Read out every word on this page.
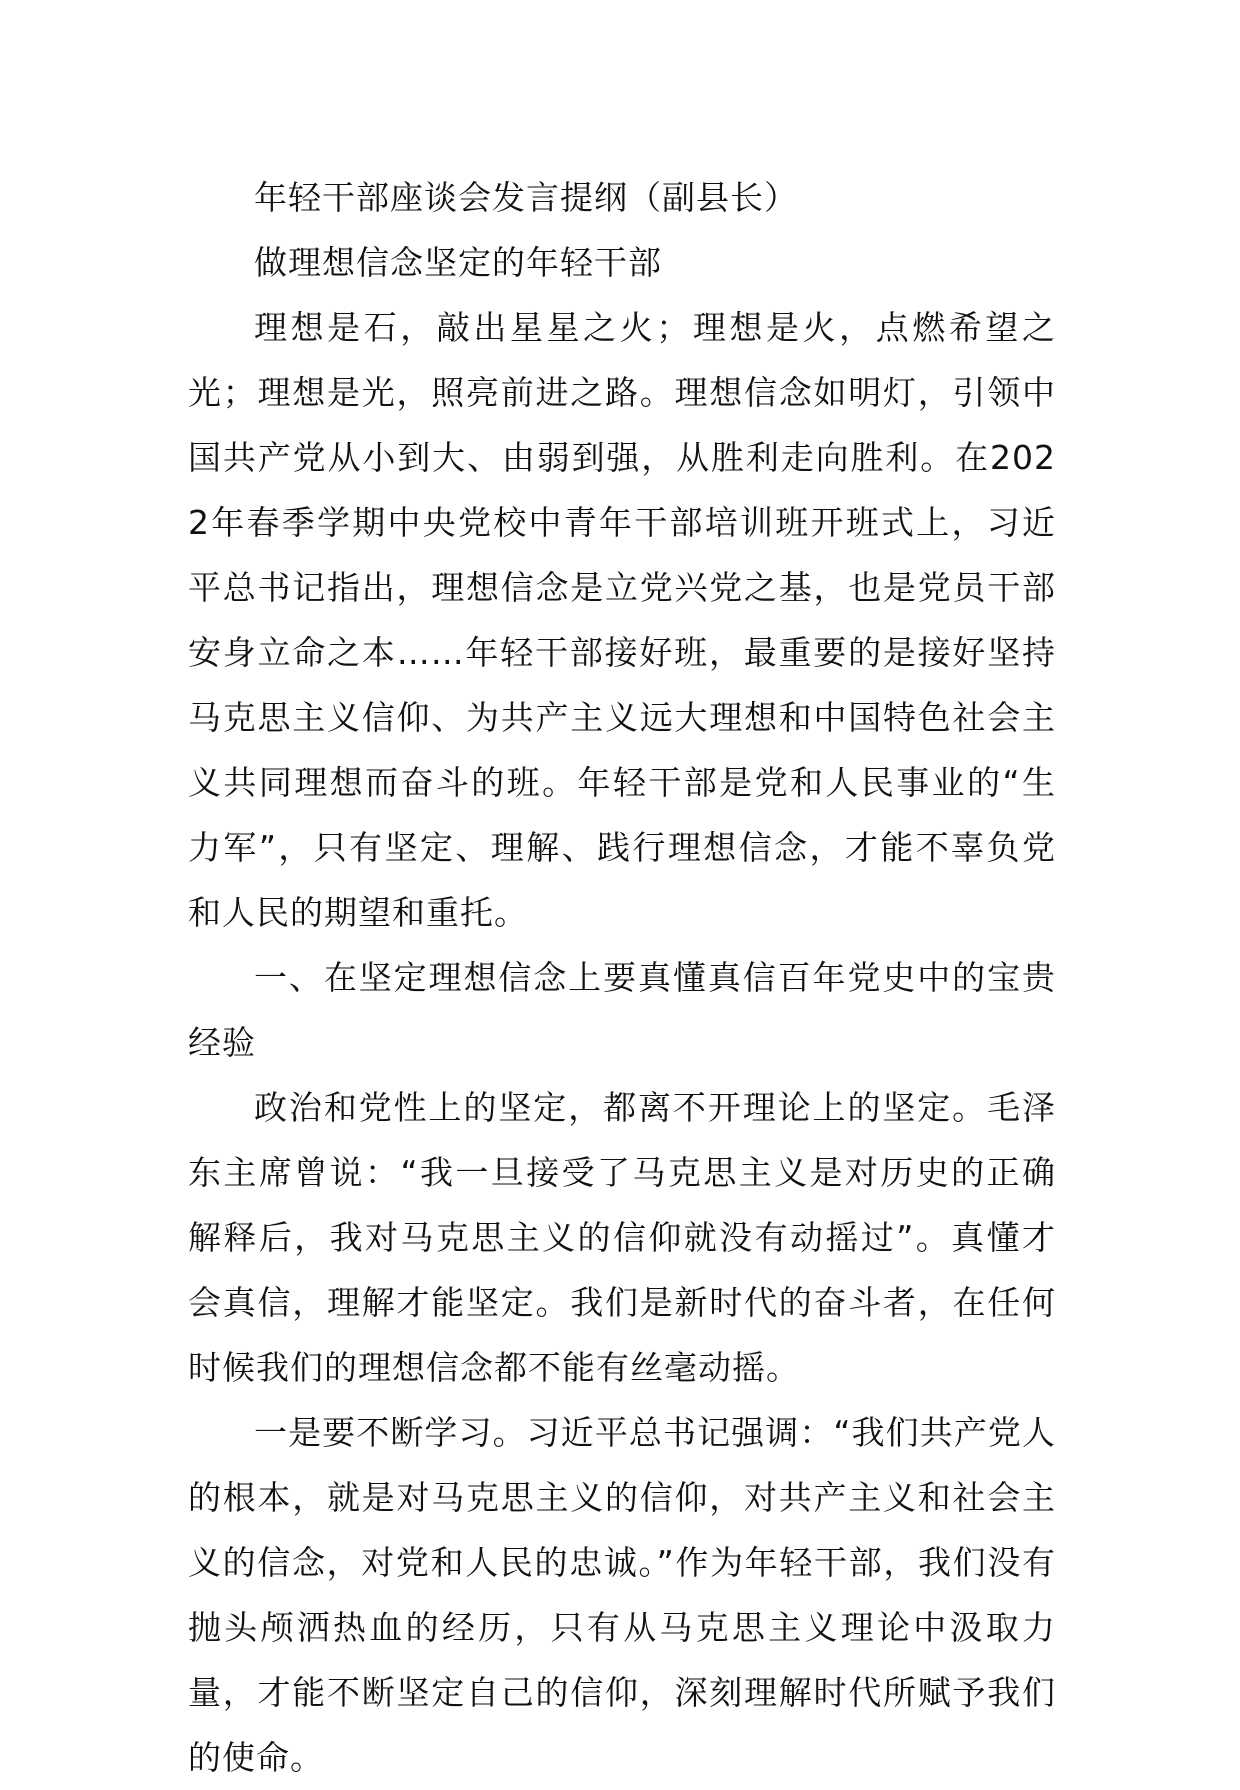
年轻干部座谈会发言提纲（副县长）

做理想信念坚定的年轻干部

理想是石，敲出星星之火；理想是火，点燃希望之光；理想是光，照亮前进之路。理想信念如明灯，引领中国共产党从小到大、由弱到强，从胜利走向胜利。在2022年春季学期中央党校中青年干部培训班开班式上，习近平总书记指出，理想信念是立党兴党之基，也是党员干部安身立命之本……年轻干部接好班，最重要的是接好坚持马克思主义信仰、为共产主义远大理想和中国特色社会主义共同理想而奋斗的班。年轻干部是党和人民事业的“生力军”，只有坚定、理解、践行理想信念，才能不辜负党和人民的期望和重托。

一、在坚定理想信念上要真懂真信百年党史中的宝贵经验

政治和党性上的坚定，都离不开理论上的坚定。毛泽东主席曾说：“我一旦接受了马克思主义是对历史的正确解释后，我对马克思主义的信仰就没有动摇过”。真懂才会真信，理解才能坚定。我们是新时代的奋斗者，在任何时候我们的理想信念都不能有丝毫动摇。

一是要不断学习。习近平总书记强调：“我们共产党人的根本，就是对马克思主义的信仰，对共产主义和社会主义的信念，对党和人民的忠诚。”作为年轻干部，我们没有抛头颅洒热血的经历，只有从马克思主义理论中汲取力量，才能不断坚定自己的信仰，深刻理解时代所赋予我们的使命。
